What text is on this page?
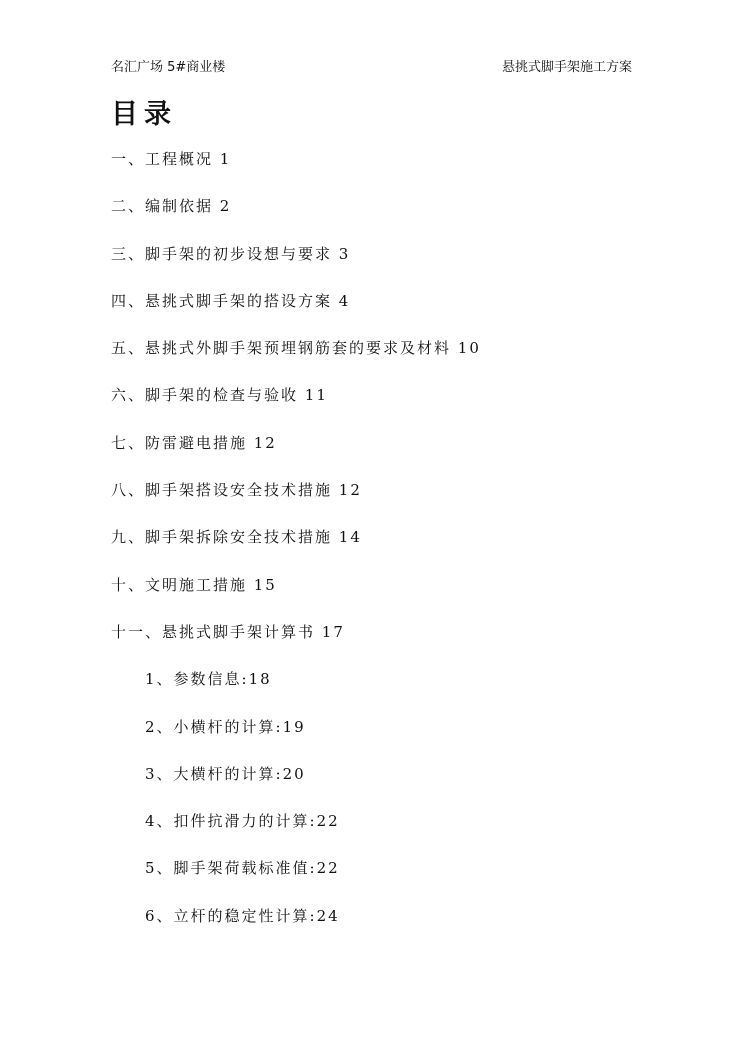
名汇广场 5#商业楼	悬挑式脚手架施工方案
目录
一、工程概况 1
二、编制依据 2
三、脚手架的初步设想与要求 3
四、悬挑式脚手架的搭设方案 4
五、悬挑式外脚手架预埋钢筋套的要求及材料 10
六、脚手架的检查与验收 11
七、防雷避电措施 12
八、脚手架搭设安全技术措施 12
九、脚手架拆除安全技术措施 14
十、文明施工措施 15
十一、悬挑式脚手架计算书 17
1、参数信息:18
2、小横杆的计算:19
3、大横杆的计算:20
4、扣件抗滑力的计算:22
5、脚手架荷载标准值:22
6、立杆的稳定性计算:24
